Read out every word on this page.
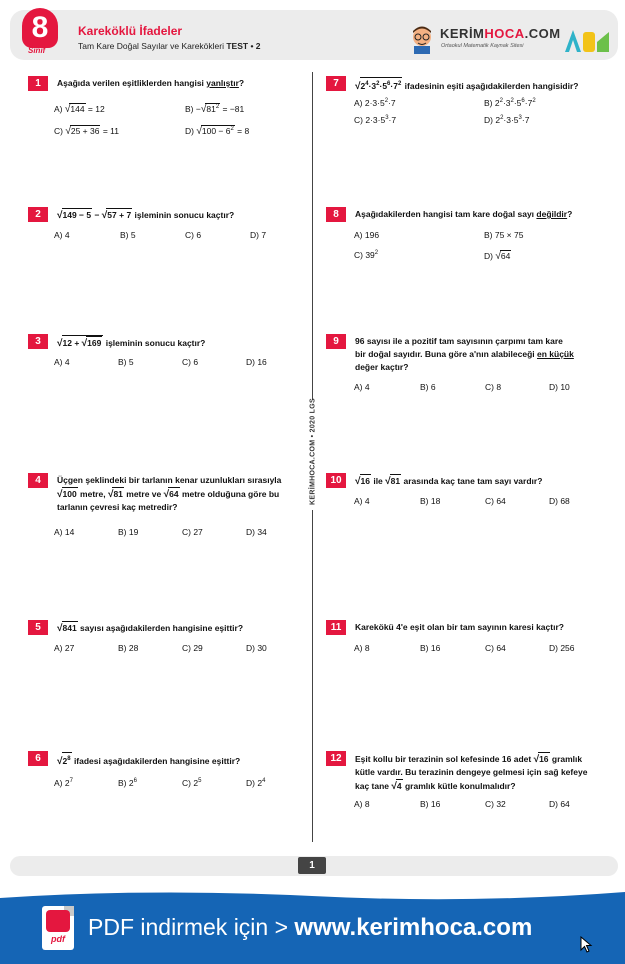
8
Sınıf
Kareköklü İfadeler
Tam Kare Doğal Sayılar ve Karekökleri TEST • 2
KERİMHOCA.COM
Ortaokul Matematik Kaynak Sitesi
KERİMHOCA.COM • 2020 LGS
1	Aşağıda verilen eşitliklerden hangisi yanlıştır?
A) √144 = 12	$B) -√81^2 = -81$
C) √25 + 36 = 11	D) $√100 - 6^2 = 8$
2	√149 − 5 − √57 + 7 işleminin sonucu kaçtır?
A) 4	B) 5	C) 6	D) 7
3	√12 + √169 işleminin sonucu kaçtır?
A) 4	B) 5	C) 6	D) 16
4	Üçgen şeklindeki bir tarlanın kenar uzunlukları sırasıyla
√100 metre, √81 metre ve √64 metre olduğuna göre bu
tarlanın çevresi kaç metredir?
A) 14	B) 19	C) 27	D) 34
5	√841 sayısı aşağıdakilerden hangisine eşittir?
A) 27	B) 28	C) 29	D) 30
6	$√2^8$ ifadesi aşağıdakilerden hangisine eşittir?
A) $2^7$	B) $2^6$	C) $2^5$	D) $2^4$
7	$√2^4\cdot 3^2\cdot 5^6\cdot 7^2$ ifadesinin eşiti aşağıdakilerden hangisidir?
A) $2\cdot 3\cdot 5^2\cdot 7$	B) $2^2\cdot 3^2\cdot 5^6\cdot 7^2$
C) $2\cdot 3\cdot 5^3\cdot 7$	D) $2^2\cdot 3\cdot 5^3\cdot 7$
8	Aşağıdakilerden hangisi tam kare doğal sayı değildir?
A) 196	B) 75 × 75
C) $39^2$	D) √64
9	96 sayısı ile a pozitif tam sayısının çarpımı tam kare
bir doğal sayıdır. Buna göre a'nın alabileceği en küçük
değer kaçtır?
A) 4	B) 6	C) 8	D) 10
10	√16 ile √81 arasında kaç tane tam sayı vardır?
A) 4	B) 18	C) 64	D) 68
11	Karekökü 4'e eşit olan bir tam sayının karesi kaçtır?
A) 8	B) 16	C) 64	D) 256
12	Eşit kollu bir terazinin sol kefesinde 16 adet √16 gramlık
kütle vardır. Bu terazinin dengeye gelmesi için sağ kefeye
kaç tane √4 gramlık kütle konulmalıdır?
A) 8	B) 16	C) 32	D) 64
1
pdf	PDF indirmek için > www.kerimhoca.com
